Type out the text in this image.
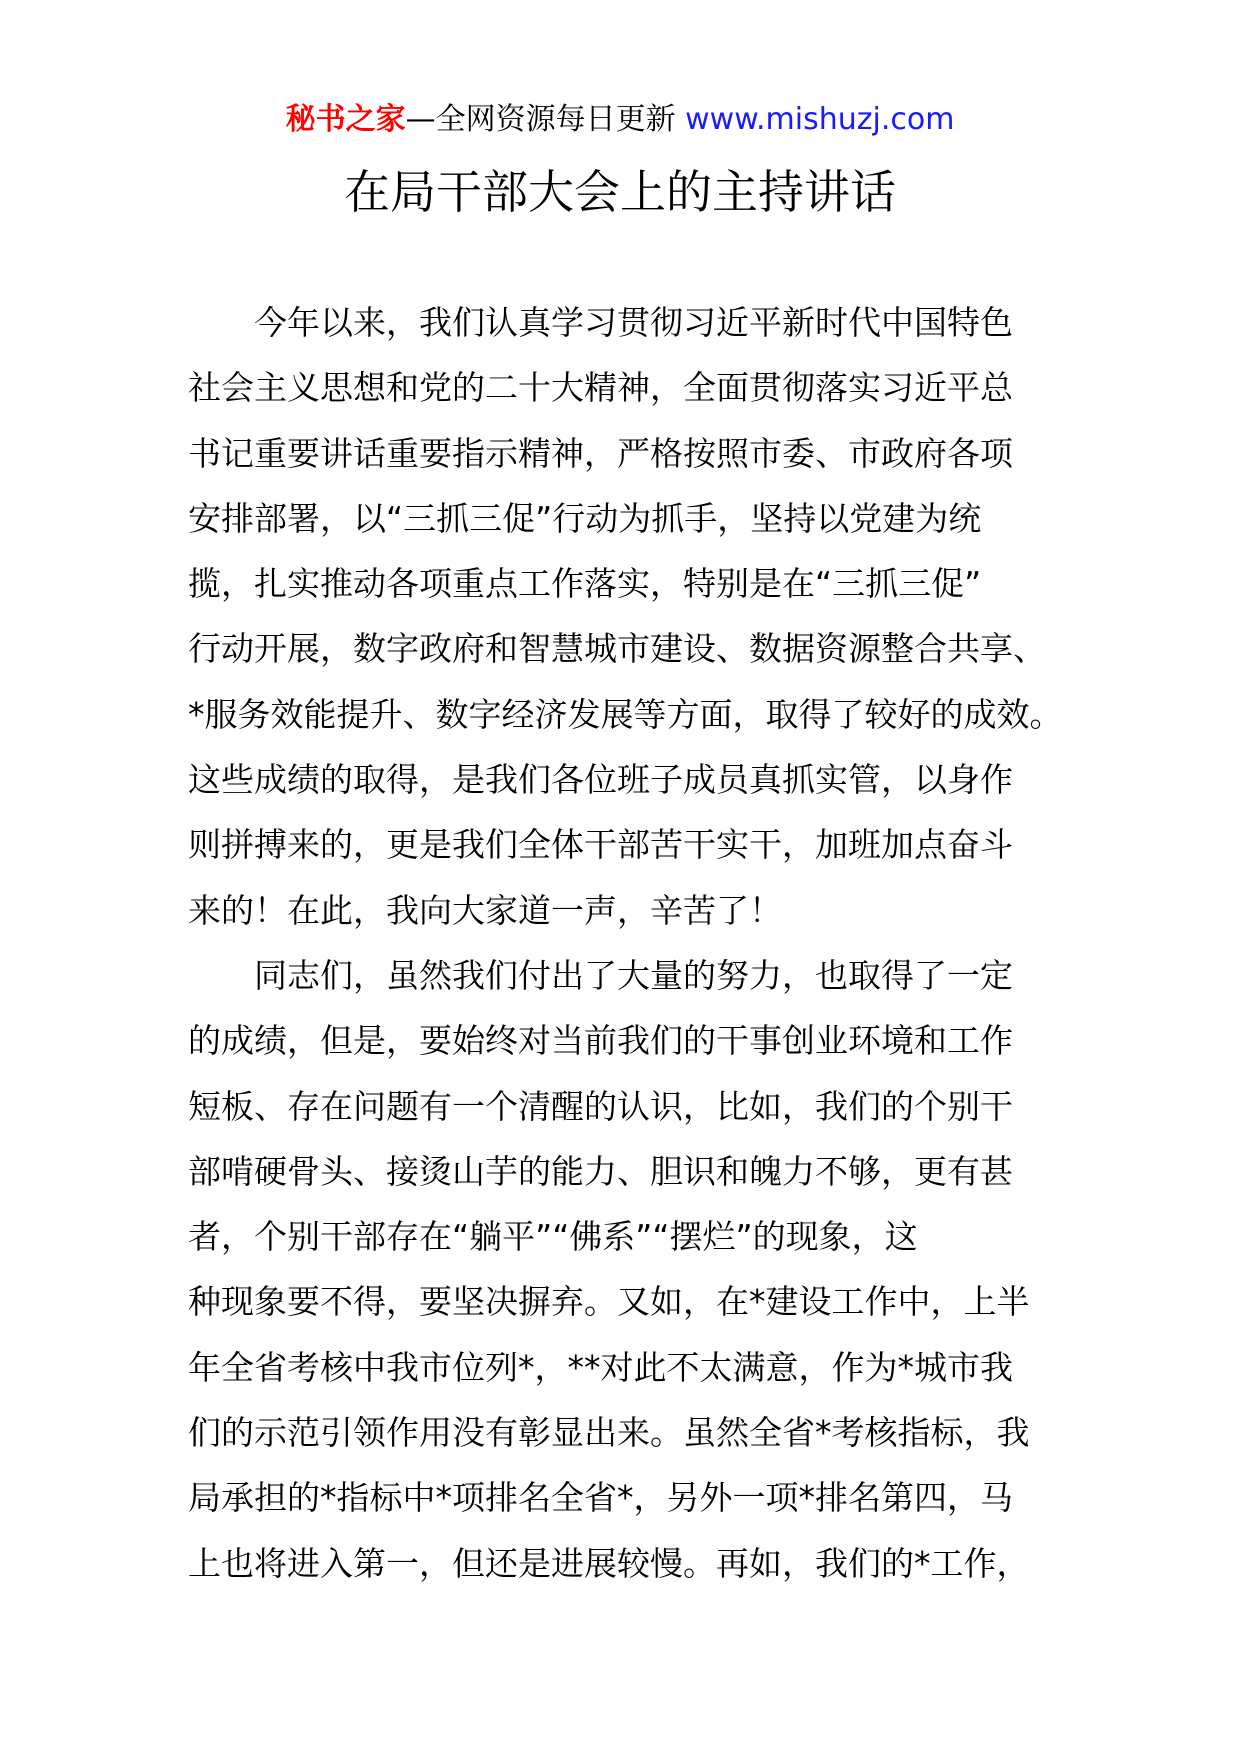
秘书之家—全网资源每日更新 www.mishuzj.com
在局干部大会上的主持讲话
今年以来，我们认真学习贯彻习近平新时代中国特色
社会主义思想和党的二十大精神，全面贯彻落实习近平总
书记重要讲话重要指示精神，严格按照市委、市政府各项
安排部署，以“三抓三促”行动为抓手，坚持以党建为统
揽，扎实推动各项重点工作落实，特别是在“三抓三促”
行动开展，数字政府和智慧城市建设、数据资源整合共享、
*服务效能提升、数字经济发展等方面，取得了较好的成效。
这些成绩的取得，是我们各位班子成员真抓实管，以身作
则拼搏来的，更是我们全体干部苦干实干，加班加点奋斗
来的！在此，我向大家道一声，辛苦了！
同志们，虽然我们付出了大量的努力，也取得了一定
的成绩，但是，要始终对当前我们的干事创业环境和工作
短板、存在问题有一个清醒的认识，比如，我们的个别干
部啃硬骨头、接烫山芋的能力、胆识和魄力不够，更有甚
者，个别干部存在“躺平”“佛系”“摆烂”的现象，这
种现象要不得，要坚决摒弃。又如，在*建设工作中，上半
年全省考核中我市位列*，**对此不太满意，作为*城市我
们的示范引领作用没有彰显出来。虽然全省*考核指标，我
局承担的*指标中*项排名全省*，另外一项*排名第四，马
上也将进入第一，但还是进展较慢。再如，我们的*工作，
